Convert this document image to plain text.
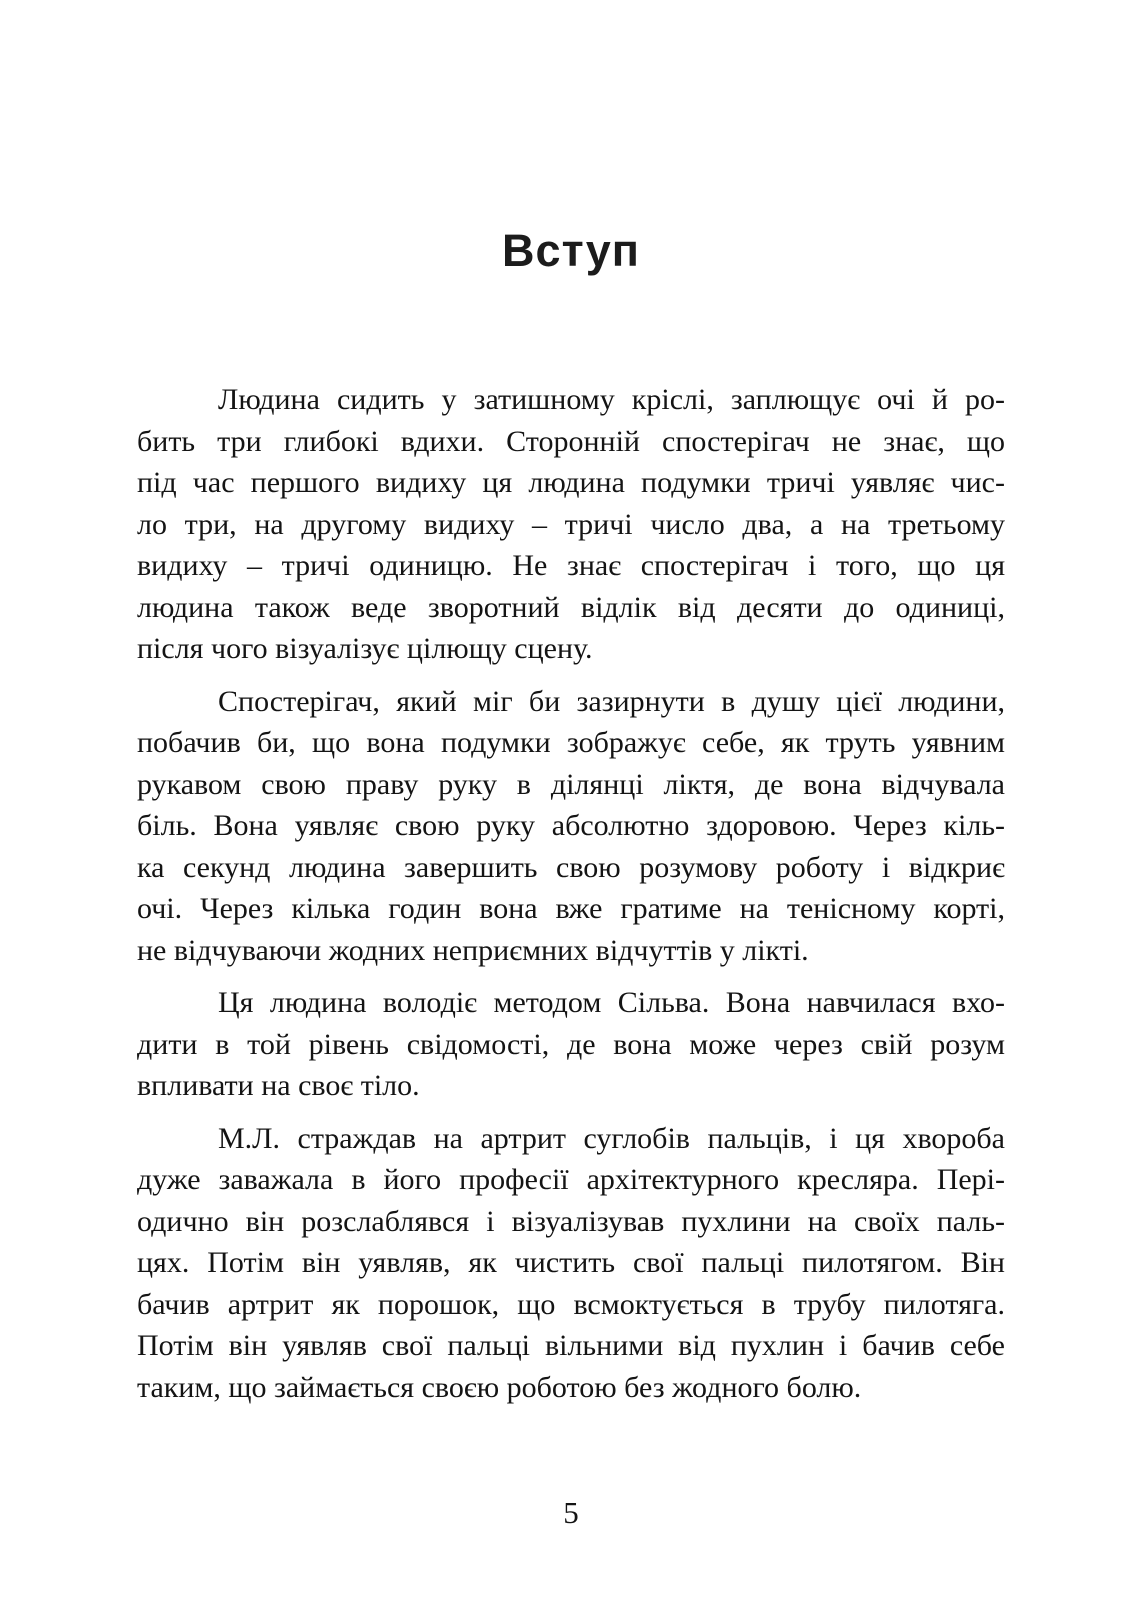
Вступ
Людина сидить у затишному кріслі, заплющує очі й ро-
бить три глибокі вдихи. Сторонній спостерігач не знає, що
під час першого видиху ця людина подумки тричі уявляє чис-
ло три, на другому видиху – тричі число два, а на третьому
видиху – тричі одиницю. Не знає спостерігач і того, що ця
людина також веде зворотний відлік від десяти до одиниці,
після чого візуалізує цілющу сцену.
Спостерігач, який міг би зазирнути в душу цієї людини,
побачив би, що вона подумки зображує себе, як труть уявним
рукавом свою праву руку в ділянці ліктя, де вона відчувала
біль. Вона уявляє свою руку абсолютно здоровою. Через кіль-
ка секунд людина завершить свою розумову роботу і відкриє
очі. Через кілька годин вона вже гратиме на тенісному корті,
не відчуваючи жодних неприємних відчуттів у лікті.
Ця людина володіє методом Сільва. Вона навчилася вхо-
дити в той рівень свідомості, де вона може через свій розум
впливати на своє тіло.
М.Л. страждав на артрит суглобів пальців, і ця хвороба
дуже заважала в його професії архітектурного кресляра. Пері-
одично він розслаблявся і візуалізував пухлини на своїх паль-
цях. Потім він уявляв, як чистить свої пальці пилотягом. Він
бачив артрит як порошок, що всмоктується в трубу пилотяга.
Потім він уявляв свої пальці вільними від пухлин і бачив себе
таким, що займається своєю роботою без жодного болю.
5
